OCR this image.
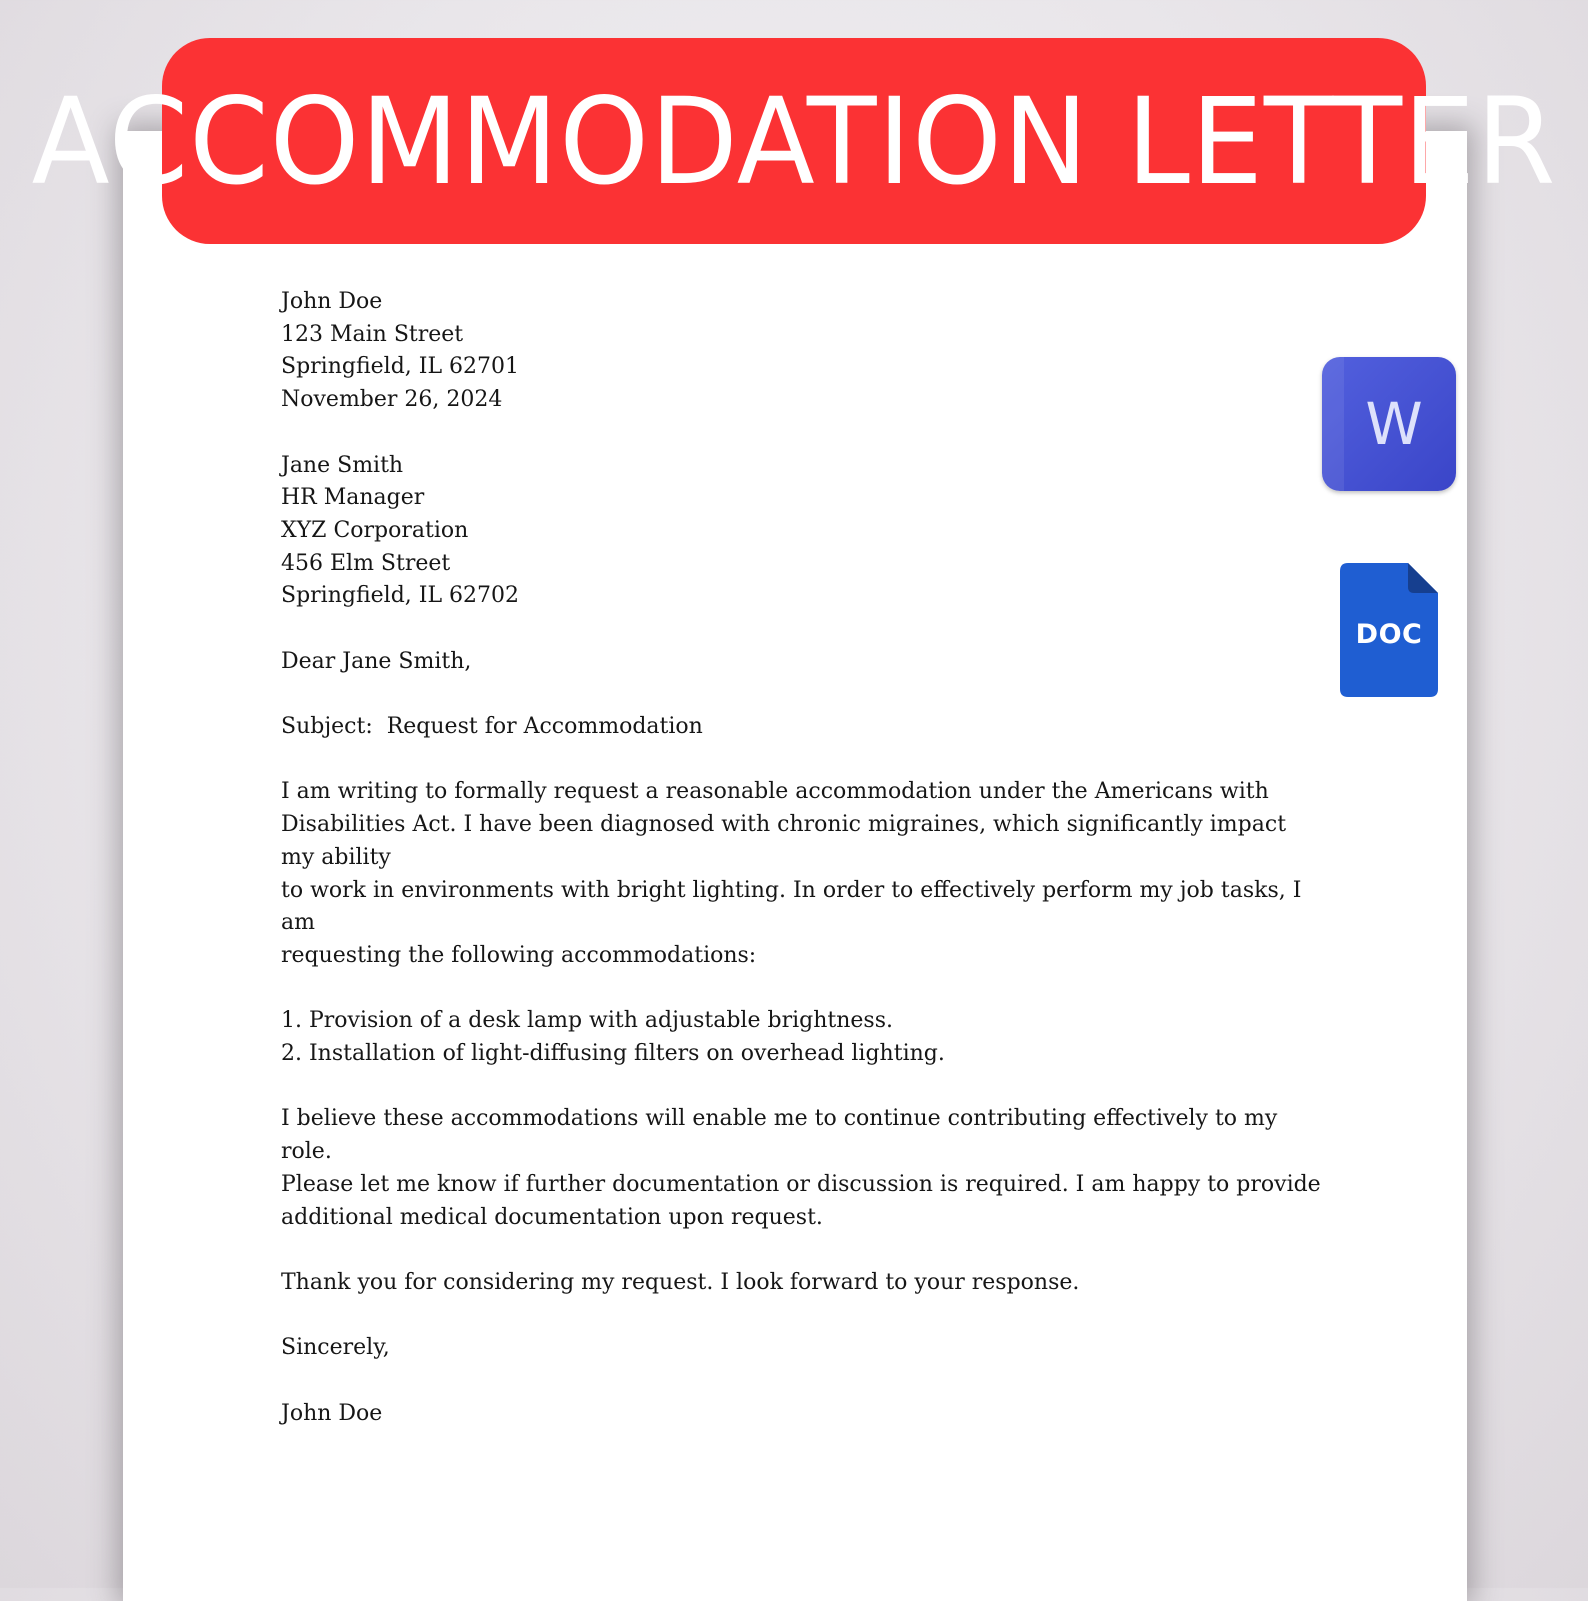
ACCOMMODATION LETTER
W
DOC

John Doe

123 Main Street

Springfield, IL 62701

November 26, 2024

Jane Smith

HR Manager

XYZ Corporation

456 Elm Street

Springfield, IL 62702

Dear Jane Smith,

Subject:  Request for Accommodation

I am writing to formally request a reasonable accommodation under the Americans with

Disabilities Act. I have been diagnosed with chronic migraines, which significantly impact my ability

to work in environments with bright lighting. In order to effectively perform my job tasks, I am

requesting the following accommodations:

1. Provision of a desk lamp with adjustable brightness.

2. Installation of light-diffusing filters on overhead lighting.

I believe these accommodations will enable me to continue contributing effectively to my role.

Please let me know if further documentation or discussion is required. I am happy to provide

additional medical documentation upon request.

Thank you for considering my request. I look forward to your response.

Sincerely,

John Doe
